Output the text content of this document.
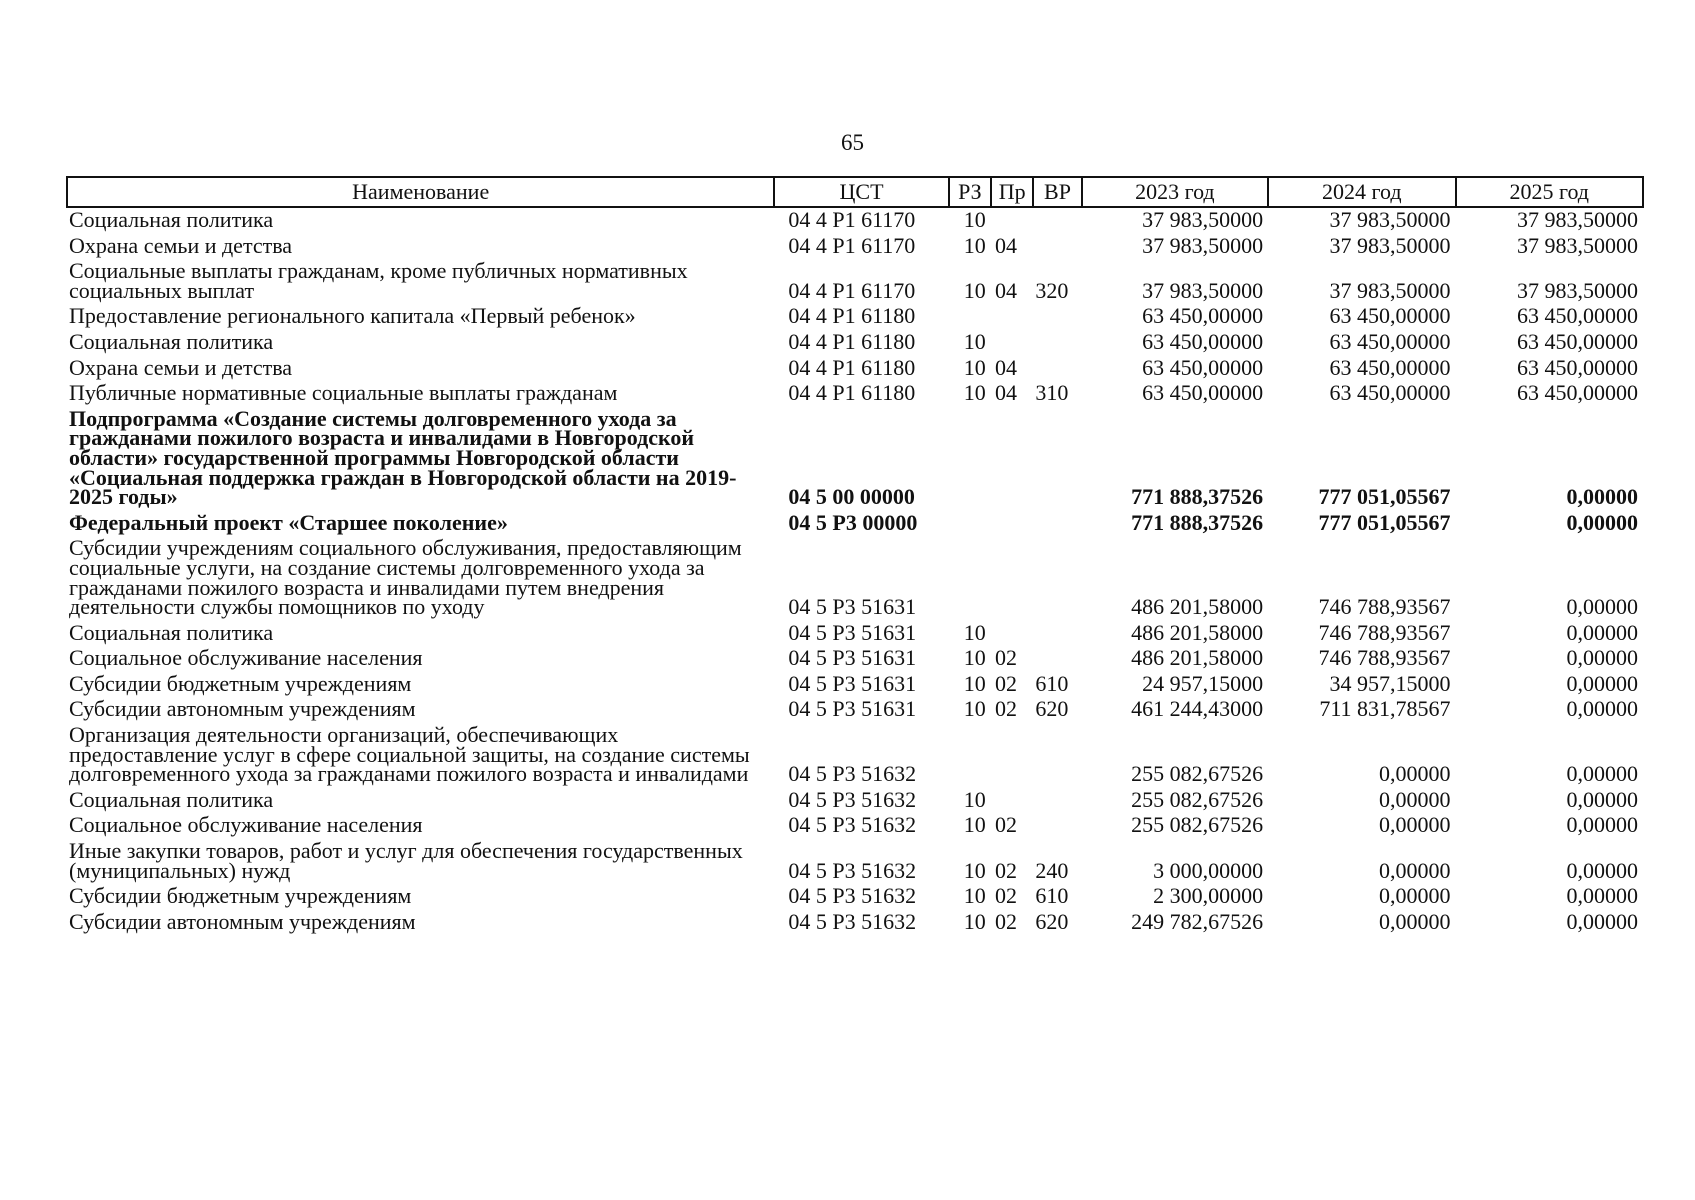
65
Наименование	ЦСТ	РЗ	Пр	ВР	2023 год	2024 год	2025 год
Социальная политика	04 4 P1 61170	10			37 983,50000	37 983,50000	37 983,50000
Охрана семьи и детства	04 4 P1 61170	10	04		37 983,50000	37 983,50000	37 983,50000
Социальные выплаты гражданам, кроме публичных нормативных социальных выплат	04 4 P1 61170	10	04	320	37 983,50000	37 983,50000	37 983,50000
Предоставление регионального капитала «Первый ребенок»	04 4 P1 61180				63 450,00000	63 450,00000	63 450,00000
Социальная политика	04 4 P1 61180	10			63 450,00000	63 450,00000	63 450,00000
Охрана семьи и детства	04 4 P1 61180	10	04		63 450,00000	63 450,00000	63 450,00000
Публичные нормативные социальные выплаты гражданам	04 4 P1 61180	10	04	310	63 450,00000	63 450,00000	63 450,00000
Подпрограмма «Создание системы долговременного ухода за гражданами пожилого возраста и инвалидами в Новгородской области» государственной программы Новгородской области «Социальная поддержка граждан в Новгородской области на 2019-2025 годы»	04 5 00 00000				771 888,37526	777 051,05567	0,00000
Федеральный проект «Старшее поколение»	04 5 P3 00000				771 888,37526	777 051,05567	0,00000
Субсидии учреждениям социального обслуживания, предоставляющим социальные услуги, на создание системы долговременного ухода за гражданами пожилого возраста и инвалидами путем внедрения деятельности службы помощников по уходу	04 5 P3 51631				486 201,58000	746 788,93567	0,00000
Социальная политика	04 5 P3 51631	10			486 201,58000	746 788,93567	0,00000
Социальное обслуживание населения	04 5 P3 51631	10	02		486 201,58000	746 788,93567	0,00000
Субсидии бюджетным учреждениям	04 5 P3 51631	10	02	610	24 957,15000	34 957,15000	0,00000
Субсидии автономным учреждениям	04 5 P3 51631	10	02	620	461 244,43000	711 831,78567	0,00000
Организация деятельности организаций, обеспечивающих предоставление услуг в сфере социальной защиты, на создание системы долговременного ухода за гражданами пожилого возраста и инвалидами	04 5 P3 51632				255 082,67526	0,00000	0,00000
Социальная политика	04 5 P3 51632	10			255 082,67526	0,00000	0,00000
Социальное обслуживание населения	04 5 P3 51632	10	02		255 082,67526	0,00000	0,00000
Иные закупки товаров, работ и услуг для обеспечения государственных (муниципальных) нужд	04 5 P3 51632	10	02	240	3 000,00000	0,00000	0,00000
Субсидии бюджетным учреждениям	04 5 P3 51632	10	02	610	2 300,00000	0,00000	0,00000
Субсидии автономным учреждениям	04 5 P3 51632	10	02	620	249 782,67526	0,00000	0,00000
